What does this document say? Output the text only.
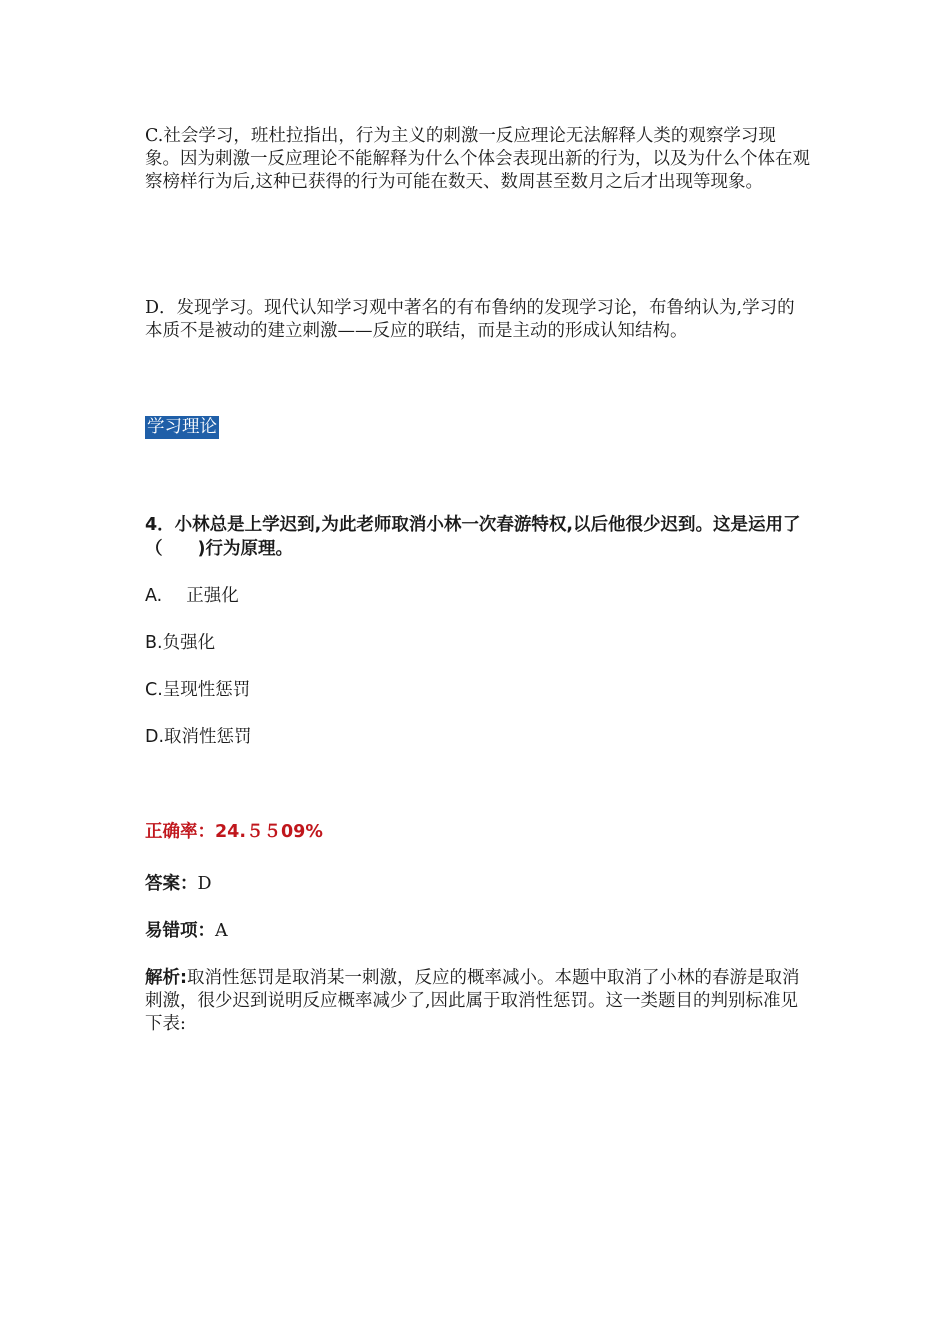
C.社会学习，班杜拉指出，行为主义的刺激一反应理论无法解释人类的观察学习现象。因为刺激一反应理论不能解释为什么个体会表现出新的行为，以及为什么个体在观察榜样行为后,这种已获得的行为可能在数天、数周甚至数月之后才出现等现象。

D．发现学习。现代认知学习观中著名的有布鲁纳的发现学习论，布鲁纳认为,学习的本质不是被动的建立刺激——反应的联结，而是主动的形成认知结构。

学习理论

4．小林总是上学迟到,为此老师取消小林一次春游特权,以后他很少迟到。这是运用了（　　)行为原理。

A. 正强化
B.负强化
C.呈现性惩罚
D.取消性惩罚
正确率：24.５５09%
答案：D
易错项：A

解析:取消性惩罚是取消某一刺激，反应的概率减小。本题中取消了小林的春游是取消刺激，很少迟到说明反应概率减少了,因此属于取消性惩罚。这一类题目的判别标准见下表:
